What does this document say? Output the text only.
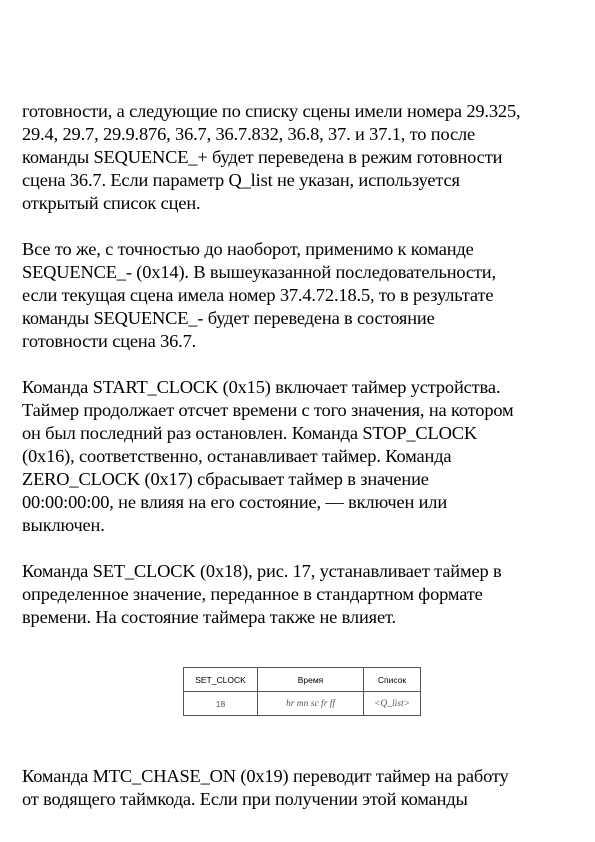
готовности, а следующие по списку сцены имели номера 29.325,
29.4, 29.7, 29.9.876, 36.7, 36.7.832, 36.8, 37. и 37.1, то после
команды SEQUENCE_+ будет переведена в режим готовности
сцена 36.7. Если параметр Q_list не указан, используется
открытый список сцен.

Все то же, с точностью до наоборот, применимо к команде
SEQUENCE_- (0x14). В вышеуказанной последовательности,
если текущая сцена имела номер 37.4.72.18.5, то в результате
команды SEQUENCE_- будет переведена в состояние
готовности сцена 36.7.

Команда START_CLOCK (0x15) включает таймер устройства.
Таймер продолжает отсчет времени с того значения, на котором
он был последний раз остановлен. Команда STOP_CLOCK
(0x16), соответственно, останавливает таймер. Команда
ZERO_CLOCK (0x17) сбрасывает таймер в значение
00:00:00:00, не влияя на его состояние, — включен или
выключен.

Команда SET_CLOCK (0x18), рис. 17, устанавливает таймер в
определенное значение, переданное в стандартном формате
времени. На состояние таймера также не влияет.

SET_CLOCK	Время	Список
18	hr mn sc fr ff	<Q_list>

Команда MTC_CHASE_ON (0x19) переводит таймер на работу
от водящего таймкода. Если при получении этой команды
